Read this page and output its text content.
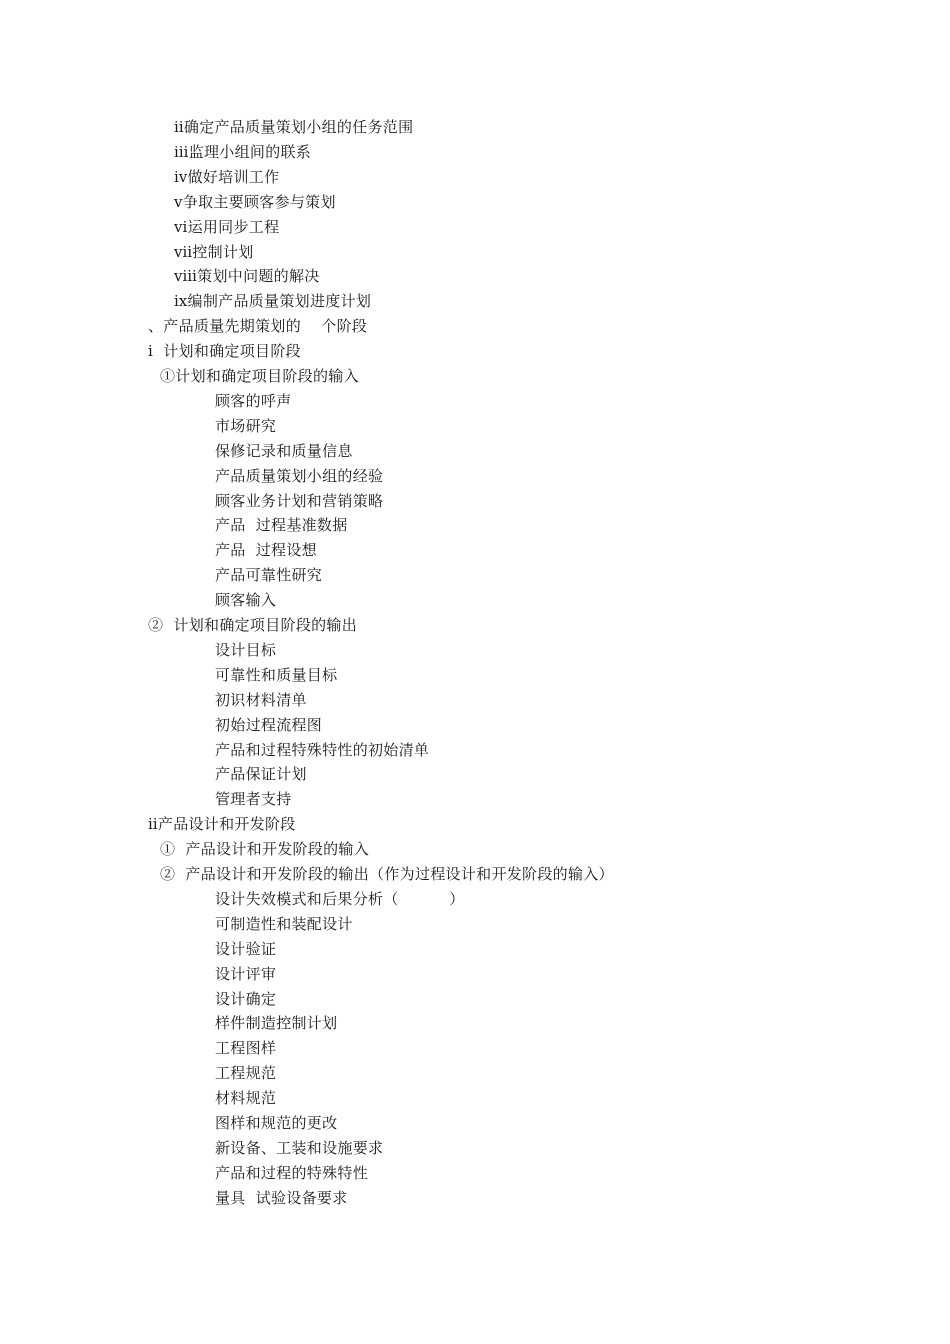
ⅱ确定产品质量策划小组的任务范围
ⅲ监理小组间的联系
ⅳ做好培训工作
ⅴ争取主要顾客参与策划
ⅵ运用同步工程
ⅶ控制计划
ⅷ策划中问题的解决
ⅸ编制产品质量策划进度计划
、产品质量先期策划的    个阶段
ⅰ  计划和确定项目阶段
①计划和确定项目阶段的输入
顾客的呼声
市场研究
保修记录和质量信息
产品质量策划小组的经验
顾客业务计划和营销策略
产品  过程基准数据
产品  过程设想
产品可靠性研究
顾客输入
②  计划和确定项目阶段的输出
设计目标
可靠性和质量目标
初识材料清单
初始过程流程图
产品和过程特殊特性的初始清单
产品保证计划
管理者支持
ⅱ产品设计和开发阶段
①  产品设计和开发阶段的输入
②  产品设计和开发阶段的输出（作为过程设计和开发阶段的输入）
设计失效模式和后果分析（          ）
可制造性和装配设计
设计验证
设计评审
设计确定
样件制造控制计划
工程图样
工程规范
材料规范
图样和规范的更改
新设备、工装和设施要求
产品和过程的特殊特性
量具  试验设备要求
